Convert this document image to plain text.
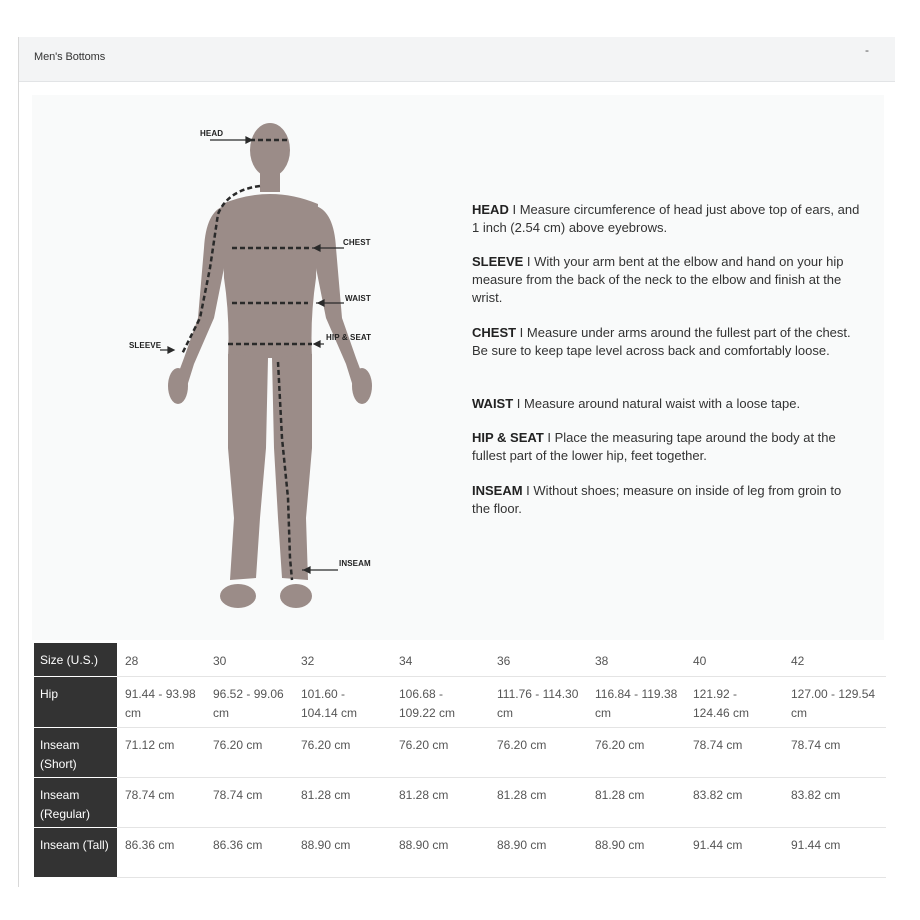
Men's Bottoms	-
HEAD
CHEST
WAIST
HIP & SEAT
SLEEVE
INSEAM
HEAD I Measure circumference of head just above top of ears, and 1 inch (2.54 cm) above eyebrows.
SLEEVE I With your arm bent at the elbow and hand on your hip measure from the back of the neck to the elbow and finish at the wrist.
CHEST I Measure under arms around the fullest part of the chest. Be sure to keep tape level across back and comfortably loose.
WAIST I Measure around natural waist with a loose tape.
HIP & SEAT I Place the measuring tape around the body at the fullest part of the lower hip, feet together.
INSEAM I Without shoes; measure on inside of leg from groin to the floor.
Size (U.S.)	28	30	32	34	36	38	40	42
Hip	91.44 - 93.98 cm	96.52 - 99.06 cm	101.60 - 104.14 cm	106.68 - 109.22 cm	111.76 - 114.30 cm	116.84 - 119.38 cm	121.92 - 124.46 cm	127.00 - 129.54 cm
Inseam (Short)	71.12 cm	76.20 cm	76.20 cm	76.20 cm	76.20 cm	76.20 cm	78.74 cm	78.74 cm
Inseam (Regular)	78.74 cm	78.74 cm	81.28 cm	81.28 cm	81.28 cm	81.28 cm	83.82 cm	83.82 cm
Inseam (Tall)	86.36 cm	86.36 cm	88.90 cm	88.90 cm	88.90 cm	88.90 cm	91.44 cm	91.44 cm
